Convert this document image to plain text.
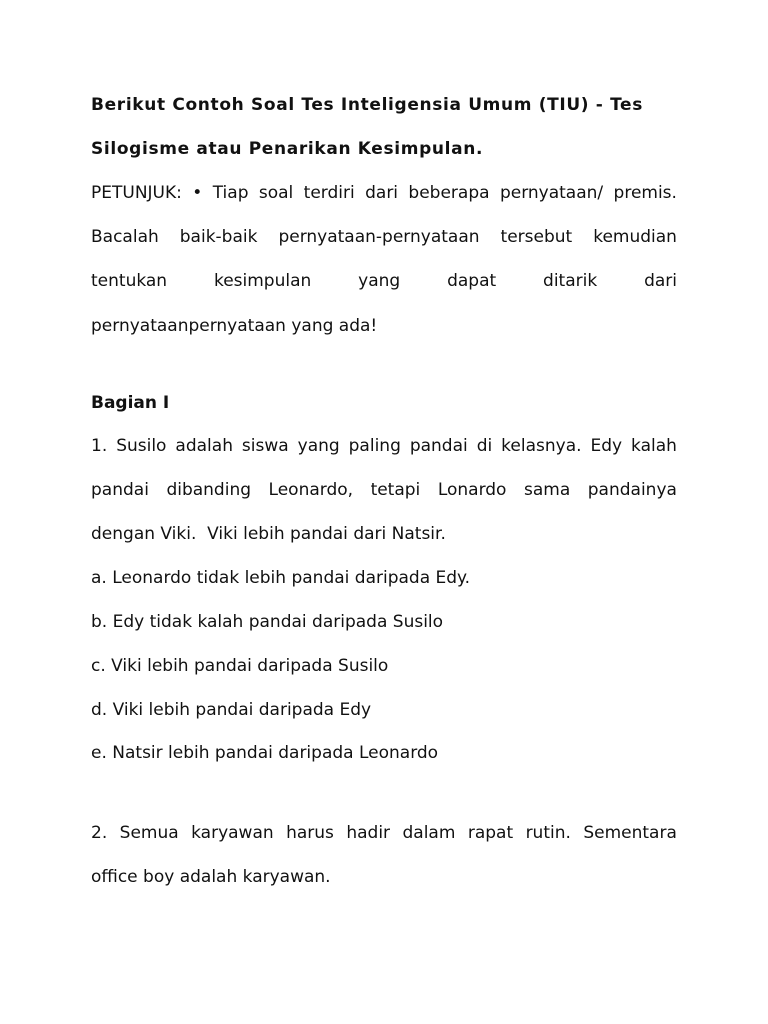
Berikut Contoh Soal Tes Inteligensia Umum (TIU) - Tes
Silogisme atau Penarikan Kesimpulan.
PETUNJUK: • Tiap soal terdiri dari beberapa pernyataan/ premis.
Bacalah baik-baik pernyataan-pernyataan tersebut kemudian
tentukan	kesimpulan	yang	dapat	ditarik	dari
pernyataanpernyataan yang ada!
Bagian I
1. Susilo adalah siswa yang paling pandai di kelasnya. Edy kalah
pandai dibanding Leonardo, tetapi Lonardo sama pandainya
dengan Viki.  Viki lebih pandai dari Natsir.
a. Leonardo tidak lebih pandai daripada Edy.
b. Edy tidak kalah pandai daripada Susilo
c. Viki lebih pandai daripada Susilo
d. Viki lebih pandai daripada Edy
e. Natsir lebih pandai daripada Leonardo
2. Semua karyawan harus hadir dalam rapat rutin. Sementara
office boy adalah karyawan.
